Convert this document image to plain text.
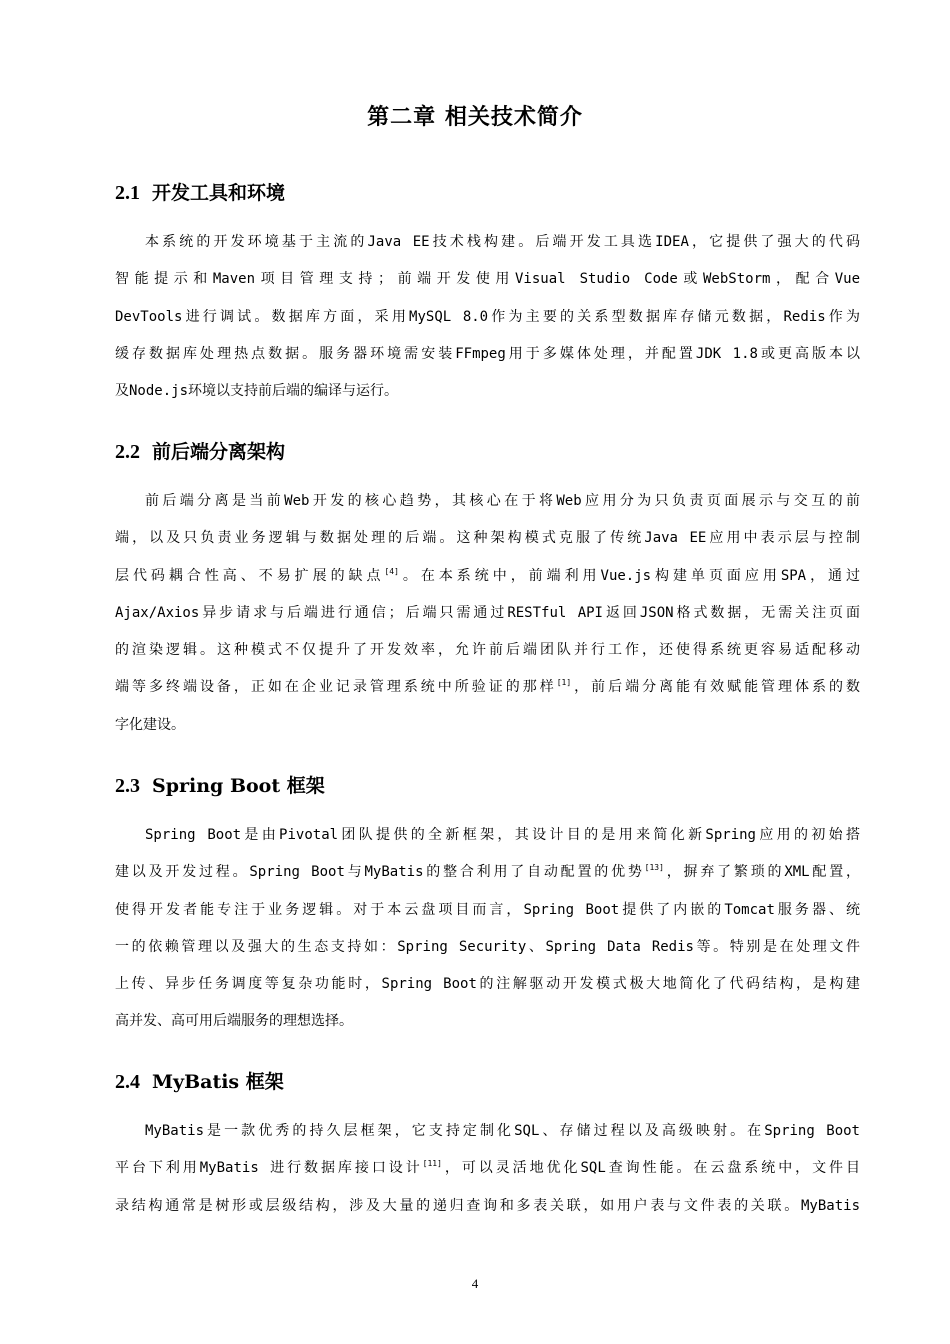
第二章 相关技术简介
2.1 开发工具和环境

本系统的开发环境基于主流的Java EE技术栈构建。后端开发工具选IDEA，它提供了强大的代码
智能提示和Maven项目管理支持；前端开发使用Visual Studio Code或WebStorm，配合Vue
DevTools进行调试。数据库方面，采用MySQL 8.0作为主要的关系型数据库存储元数据，Redis作为
缓存数据库处理热点数据。服务器环境需安装FFmpeg用于多媒体处理，并配置JDK 1.8或更高版本以
及Node.js环境以支持前后端的编译与运行。

2.2 前后端分离架构

前后端分离是当前Web开发的核心趋势，其核心在于将Web应用分为只负责页面展示与交互的前
端，以及只负责业务逻辑与数据处理的后端。这种架构模式克服了传统Java EE应用中表示层与控制
层代码耦合性高、不易扩展的缺点[4]。在本系统中，前端利用Vue.js构建单页面应用SPA，通过
Ajax/Axios异步请求与后端进行通信；后端只需通过RESTful API返回JSON格式数据，无需关注页面
的渲染逻辑。这种模式不仅提升了开发效率，允许前后端团队并行工作，还使得系统更容易适配移动
端等多终端设备，正如在企业记录管理系统中所验证的那样[1]，前后端分离能有效赋能管理体系的数
字化建设。

2.3 Spring Boot 框架

Spring Boot是由Pivotal团队提供的全新框架，其设计目的是用来简化新Spring应用的初始搭
建以及开发过程。Spring Boot与MyBatis的整合利用了自动配置的优势[13]，摒弃了繁琐的XML配置，
使得开发者能专注于业务逻辑。对于本云盘项目而言，Spring Boot提供了内嵌的Tomcat服务器、统
一的依赖管理以及强大的生态支持如：Spring Security、Spring Data Redis等。特别是在处理文件
上传、异步任务调度等复杂功能时，Spring Boot的注解驱动开发模式极大地简化了代码结构，是构建
高并发、高可用后端服务的理想选择。

2.4 MyBatis 框架

MyBatis是一款优秀的持久层框架，它支持定制化SQL、存储过程以及高级映射。在Spring Boot
平台下利用MyBatis 进行数据库接口设计[11]，可以灵活地优化SQL查询性能。在云盘系统中，文件目
录结构通常是树形或层级结构，涉及大量的递归查询和多表关联，如用户表与文件表的关联。MyBatis

4
